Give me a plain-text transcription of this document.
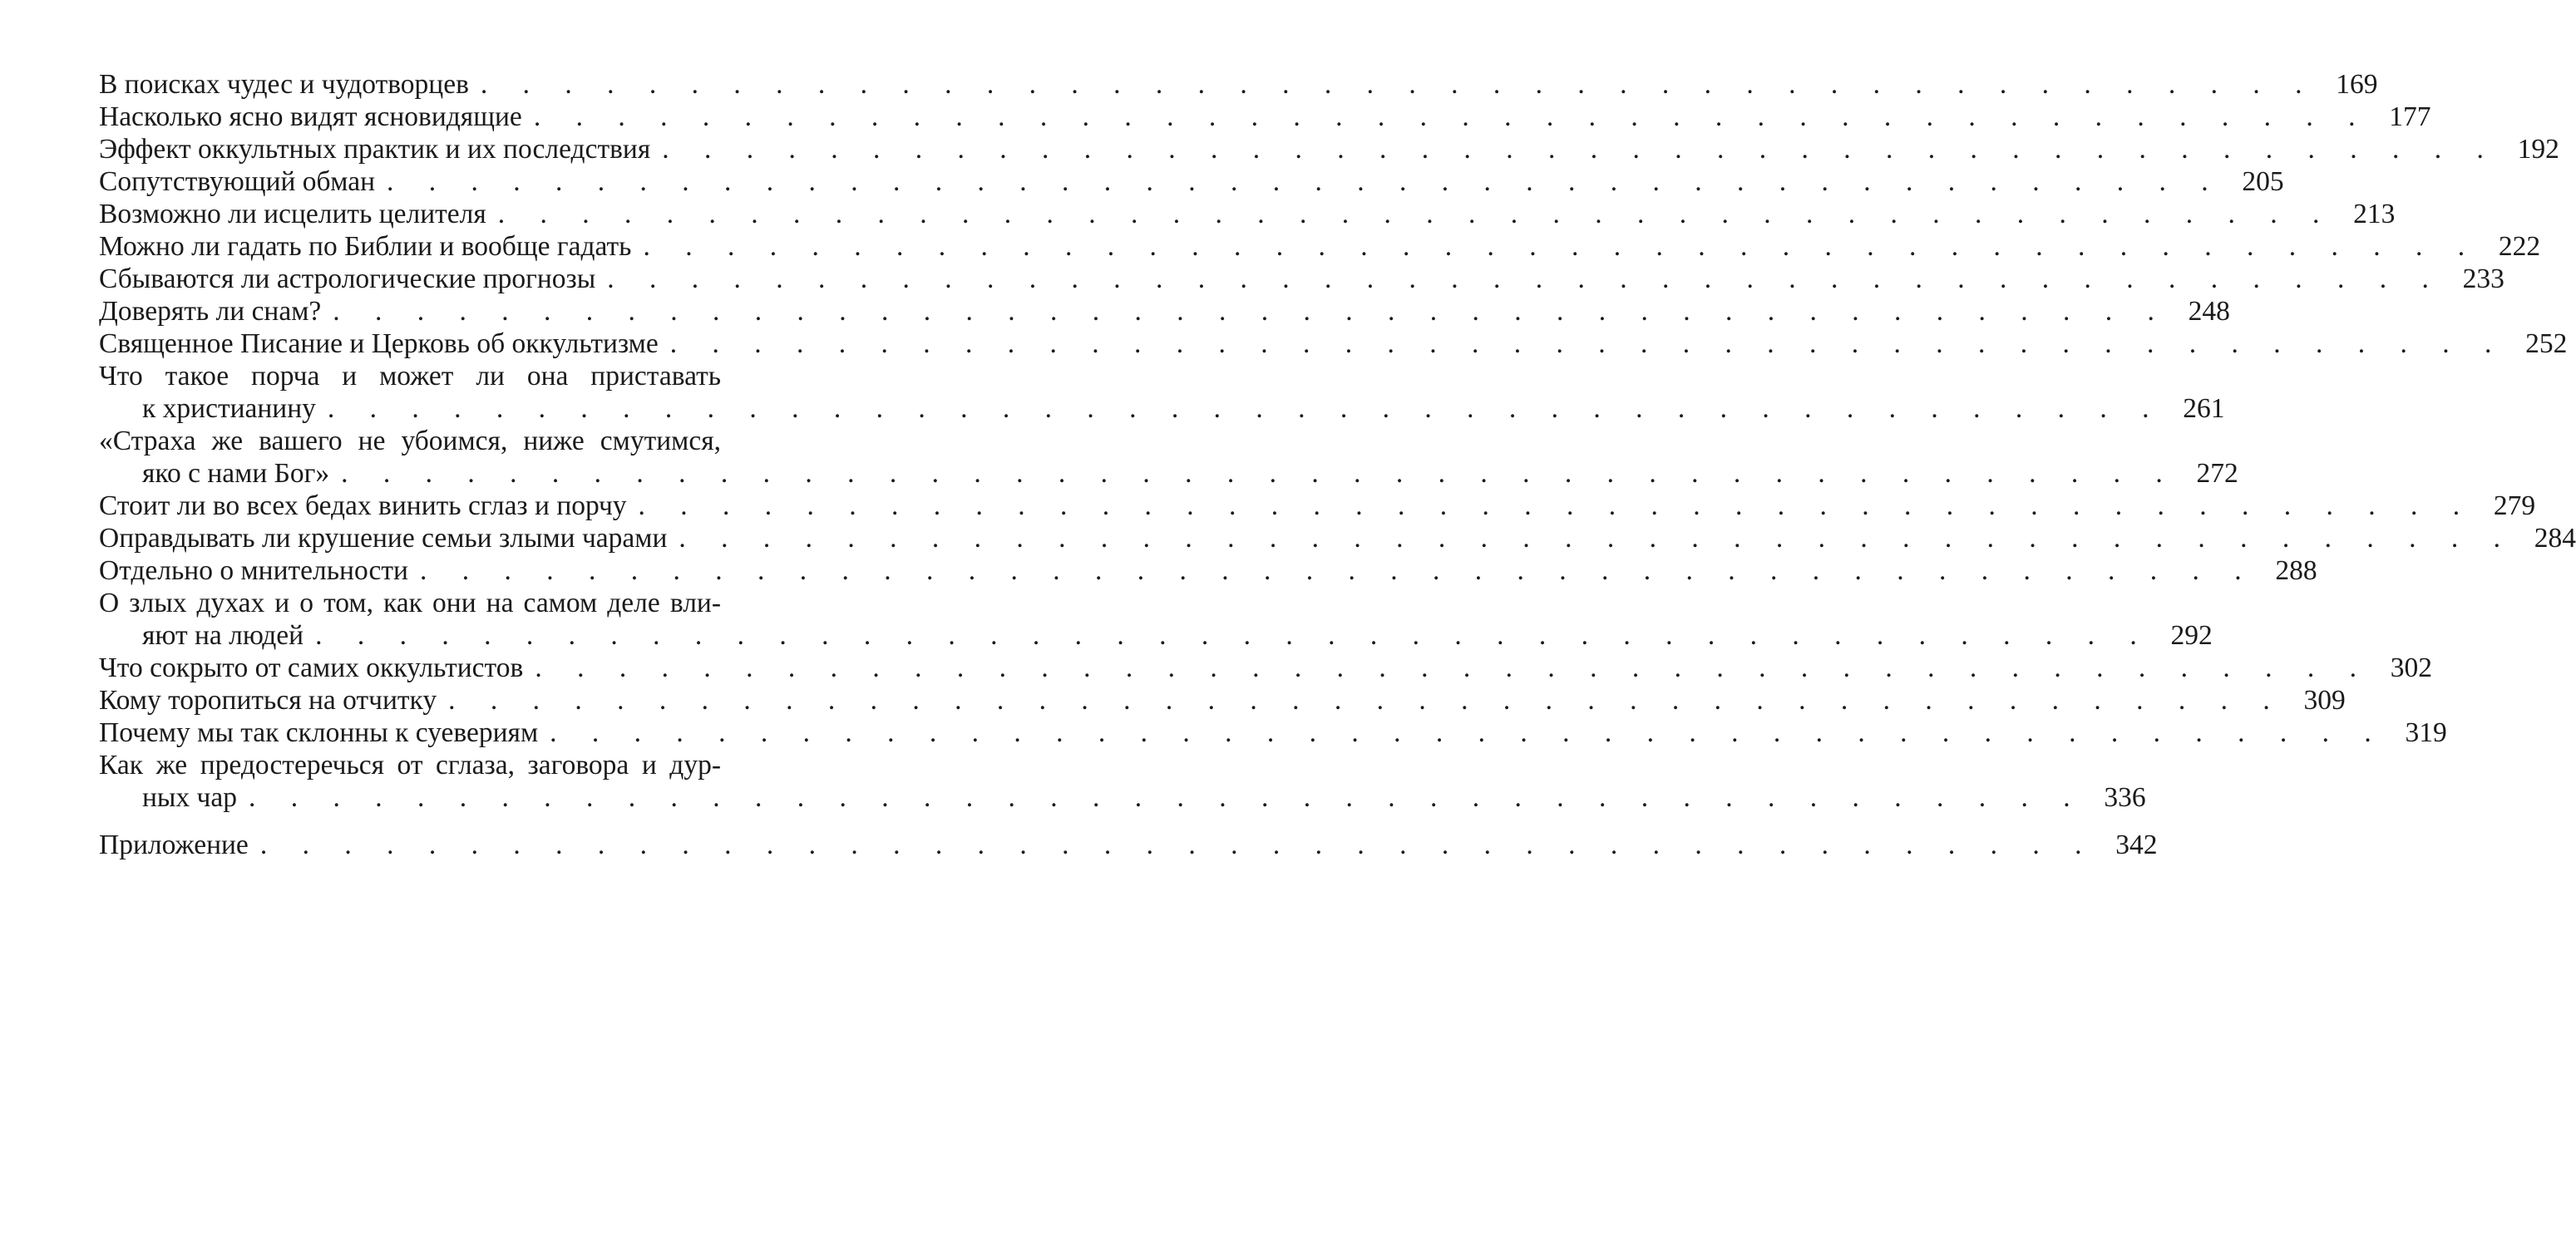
В поисках чудес и чудотворцев . . . . . . . . . . . . . . . . . . . . . . . . . . . . . . . . . . . . . . . . . . . . 169
Насколько ясно видят ясновидящие . . . . . . . . . . . . . . . . . . . . . . . . . . . . . . . . . . . . . . . . . . . . 177
Эффект оккультных практик и их последствия . . . . . . . . . . . . . . . . . . . . . . . . . . . . . . . . . . . . . . . . . . . . 192
Сопутствующий обман . . . . . . . . . . . . . . . . . . . . . . . . . . . . . . . . . . . . . . . . . . . . 205
Возможно ли исцелить целителя . . . . . . . . . . . . . . . . . . . . . . . . . . . . . . . . . . . . . . . . . . . . 213
Можно ли гадать по Библии и вообще гадать . . . . . . . . . . . . . . . . . . . . . . . . . . . . . . . . . . . . . . . . . . . . 222
Сбываются ли астрологические прогнозы . . . . . . . . . . . . . . . . . . . . . . . . . . . . . . . . . . . . . . . . . . . . 233
Доверять ли снам? . . . . . . . . . . . . . . . . . . . . . . . . . . . . . . . . . . . . . . . . . . . . 248
Священное Писание и Церковь об оккультизме . . . . . . . . . . . . . . . . . . . . . . . . . . . . . . . . . . . . . . . . . . . . 252
Что такое порча и может ли она приставать
к христианину . . . . . . . . . . . . . . . . . . . . . . . . . . . . . . . . . . . . . . . . . . . . 261
«Страха же вашего не убоимся, ниже смутимся,
яко с нами Бог» . . . . . . . . . . . . . . . . . . . . . . . . . . . . . . . . . . . . . . . . . . . . 272
Стоит ли во всех бедах винить сглаз и порчу . . . . . . . . . . . . . . . . . . . . . . . . . . . . . . . . . . . . . . . . . . . . 279
Оправдывать ли крушение семьи злыми чарами . . . . . . . . . . . . . . . . . . . . . . . . . . . . . . . . . . . . . . . . . . . . 284
Отдельно о мнительности . . . . . . . . . . . . . . . . . . . . . . . . . . . . . . . . . . . . . . . . . . . . 288
О злых духах и о том, как они на самом деле вли-
яют на людей . . . . . . . . . . . . . . . . . . . . . . . . . . . . . . . . . . . . . . . . . . . . 292
Что сокрыто от самих оккультистов . . . . . . . . . . . . . . . . . . . . . . . . . . . . . . . . . . . . . . . . . . . . 302
Кому торопиться на отчитку . . . . . . . . . . . . . . . . . . . . . . . . . . . . . . . . . . . . . . . . . . . . 309
Почему мы так склонны к суевериям . . . . . . . . . . . . . . . . . . . . . . . . . . . . . . . . . . . . . . . . . . . . 319
Как же предостеречься от сглаза, заговора и дур-
ных чар . . . . . . . . . . . . . . . . . . . . . . . . . . . . . . . . . . . . . . . . . . . . 336
Приложение . . . . . . . . . . . . . . . . . . . . . . . . . . . . . . . . . . . . . . . . . . . . 342
